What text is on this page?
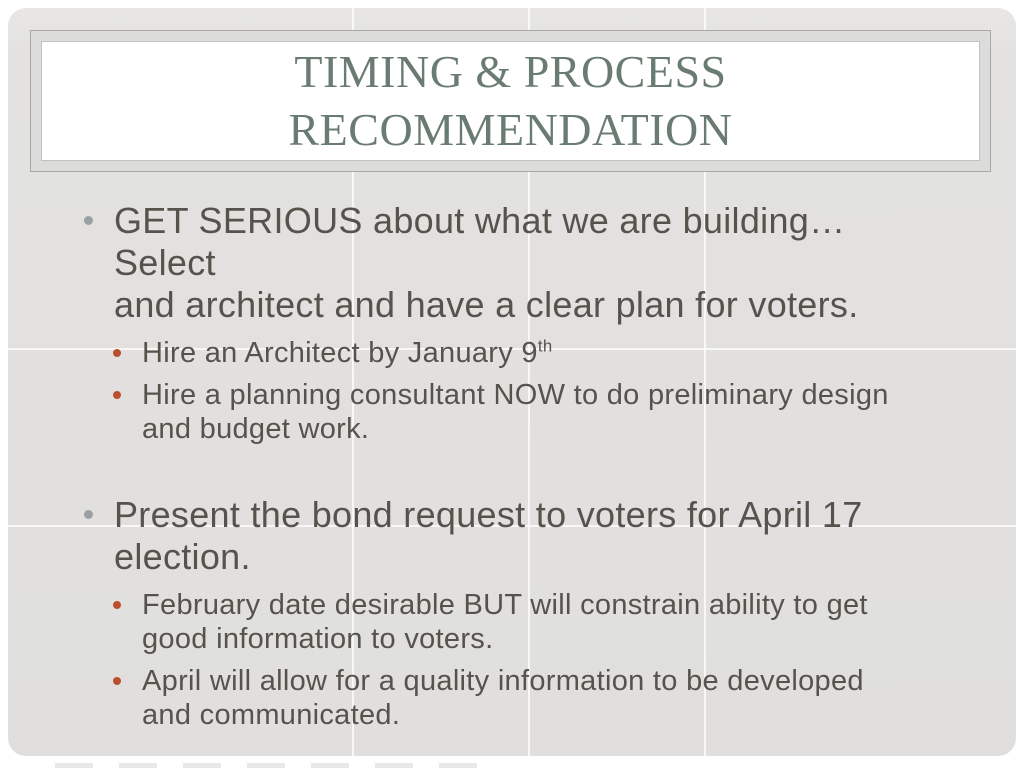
TIMING & PROCESS
RECOMMENDATION
GET SERIOUS about what we are building… Select
and architect and have a clear plan for voters.
Hire an Architect by January 9th
Hire a planning consultant NOW to do preliminary design
and budget work.
Present the bond request to voters for April 17
election.
February date desirable BUT will constrain ability to get
good information to voters.
April will allow for a quality information to be developed
and communicated.
